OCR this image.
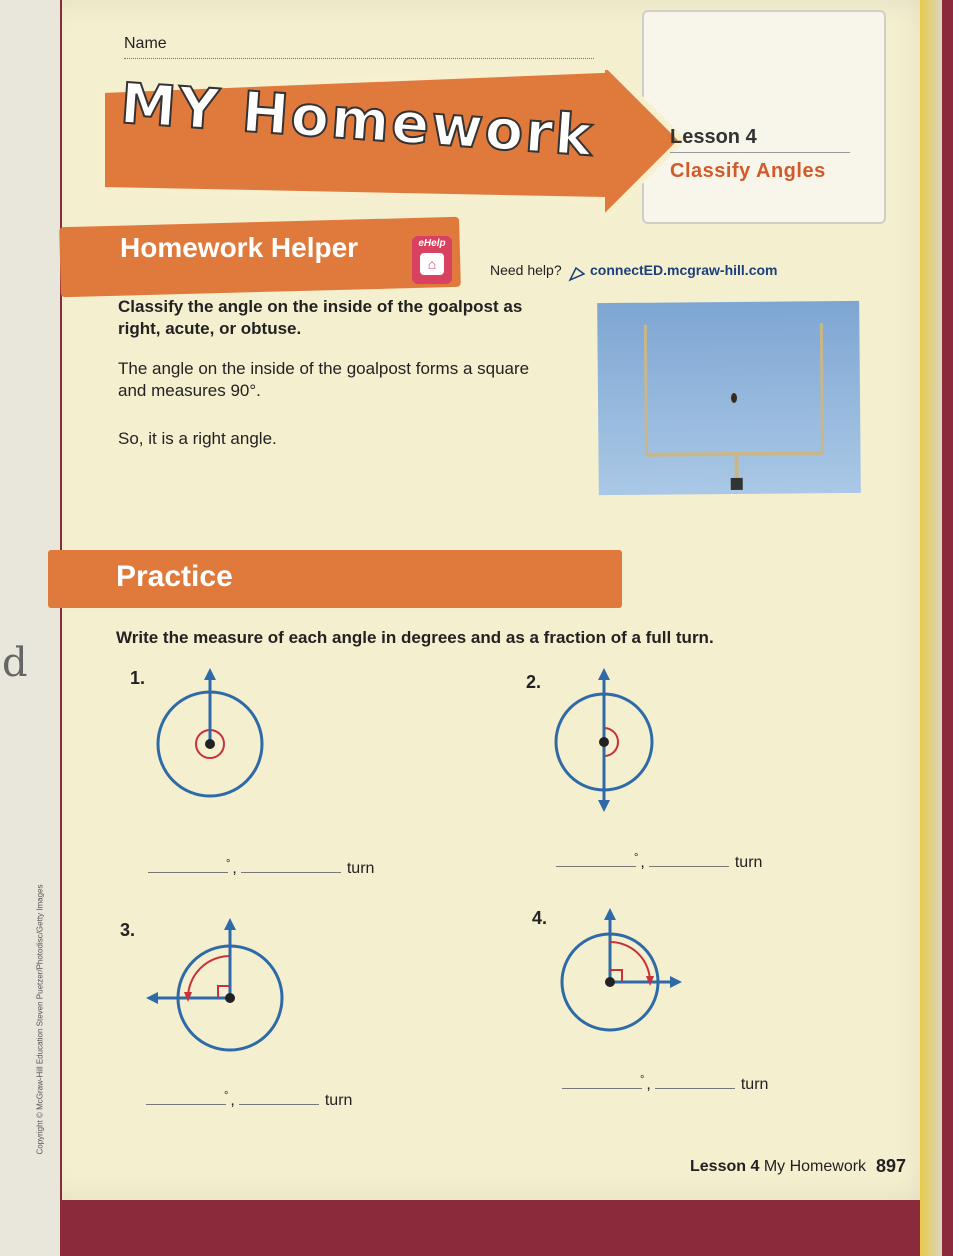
Copyright © McGraw-Hill Education Steven Puetzer/Photodisc/Getty Images
d
Name
MY Homework	Lesson 4
Classify Angles
Homework Helper	eHelp
⌂	Need help? connectED.mcgraw-hill.com
Classify the angle on the inside of the goalpost as right, acute, or obtuse.
The angle on the inside of the goalpost forms a square and measures 90°.
So, it is a right angle.
Practice
Write the measure of each angle in degrees and as a fraction of a full turn.
1.
° ,	turn
2.
° ,	turn
3.
° ,	turn
4.
° ,	turn
Lesson 4 My Homework 897
